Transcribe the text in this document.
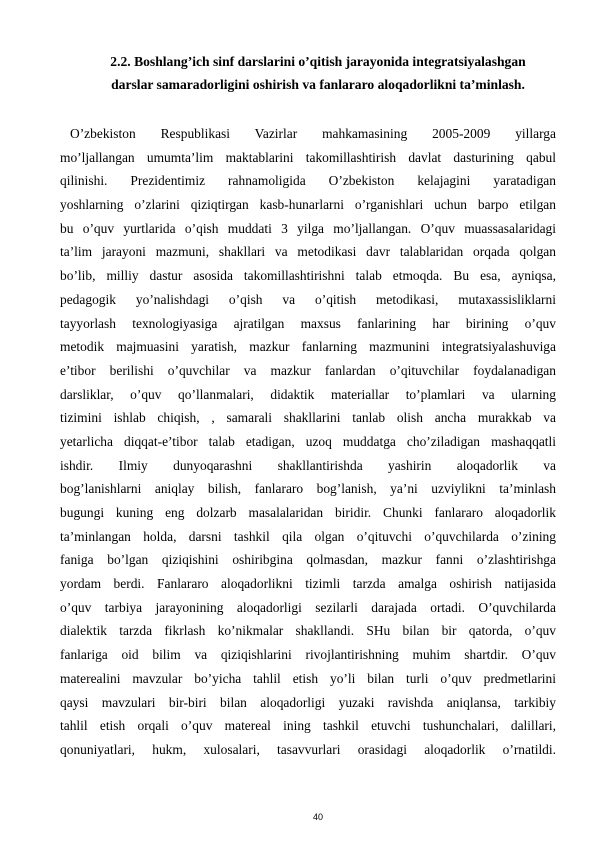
2.2. Boshlang’ich sinf darslarini o’qitish jarayonida integratsiyalashgan
darslar samaradorligini oshirish va fanlararo aloqadorlikni ta’minlash.
O’zbekiston Respublikasi Vazirlar mahkamasining 2005-2009 yillarga
mo’ljallangan umumta’lim maktablarini takomillashtirish davlat dasturining qabul
qilinishi. Prezidentimiz rahnamoligida O’zbekiston kelajagini yaratadigan
yoshlarning o’zlarini qiziqtirgan kasb-hunarlarni o’rganishlari uchun barpo etilgan
bu o’quv yurtlarida o’qish muddati 3 yilga mo’ljallangan. O’quv muassasalaridagi
ta’lim jarayoni mazmuni, shakllari va metodikasi davr talablaridan orqada qolgan
bo’lib, milliy dastur asosida takomillashtirishni talab etmoqda. Bu esa, ayniqsa,
pedagogik yo’nalishdagi o’qish va o’qitish metodikasi, mutaxassisliklarni
tayyorlash texnologiyasiga ajratilgan maxsus fanlarining har birining o’quv
metodik majmuasini yaratish, mazkur fanlarning mazmunini integratsiyalashuviga
e’tibor berilishi o’quvchilar va mazkur fanlardan o’qituvchilar foydalanadigan
darsliklar, o’quv qo’llanmalari, didaktik materiallar to’plamlari va ularning
tizimini ishlab chiqish, , samarali shakllarini tanlab olish ancha murakkab va
yetarlicha diqqat-e’tibor talab etadigan, uzoq muddatga cho’ziladigan mashaqqatli
ishdir. Ilmiy dunyoqarashni shakllantirishda yashirin aloqadorlik va
bog’lanishlarni aniqlay bilish, fanlararo bog’lanish, ya’ni uzviylikni ta’minlash
bugungi kuning eng dolzarb masalalaridan biridir. Chunki fanlararo aloqadorlik
ta’minlangan holda, darsni tashkil qila olgan o’qituvchi o’quvchilarda o’zining
faniga bo’lgan qiziqishini oshiribgina qolmasdan, mazkur fanni o’zlashtirishga
yordam berdi. Fanlararo aloqadorlikni tizimli tarzda amalga oshirish natijasida
o’quv tarbiya jarayonining aloqadorligi sezilarli darajada ortadi. O’quvchilarda
dialektik tarzda fikrlash ko’nikmalar shakllandi. SHu bilan bir qatorda, o’quv
fanlariga oid bilim va qiziqishlarini rivojlantirishning muhim shartdir. O’quv
materealini mavzular bo’yicha tahlil etish yo’li bilan turli o’quv predmetlarini
qaysi mavzulari bir-biri bilan aloqadorligi yuzaki ravishda aniqlansa, tarkibiy
tahlil etish orqali o’quv matereal ining tashkil etuvchi tushunchalari, dalillari,
qonuniyatlari, hukm, xulosalari, tasavvurlari orasidagi aloqadorlik o’rnatildi.
40
